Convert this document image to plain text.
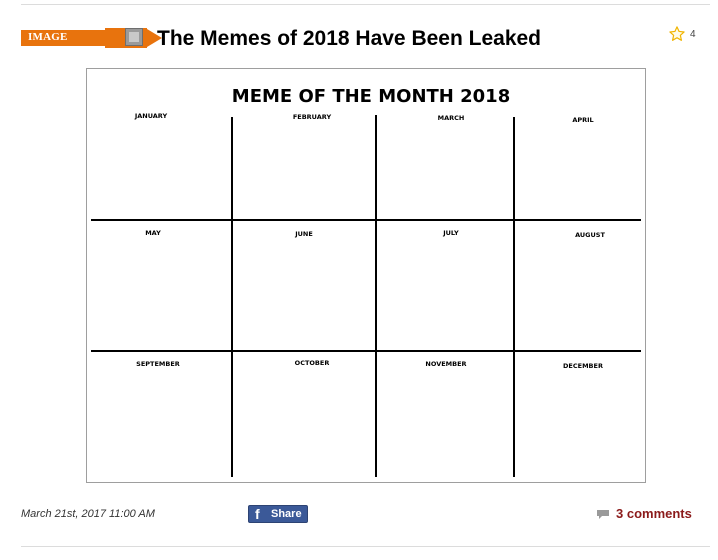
IMAGE	The Memes of 2018 Have Been Leaked	4
MEME OF THE MONTH 2018
JANUARY	FEBRUARY	MARCH	APRIL
MAY	JUNE	JULY	AUGUST
SEPTEMBER	OCTOBER	NOVEMBER	DECEMBER
March 21st, 2017 11:00 AM	f Share	3 comments
